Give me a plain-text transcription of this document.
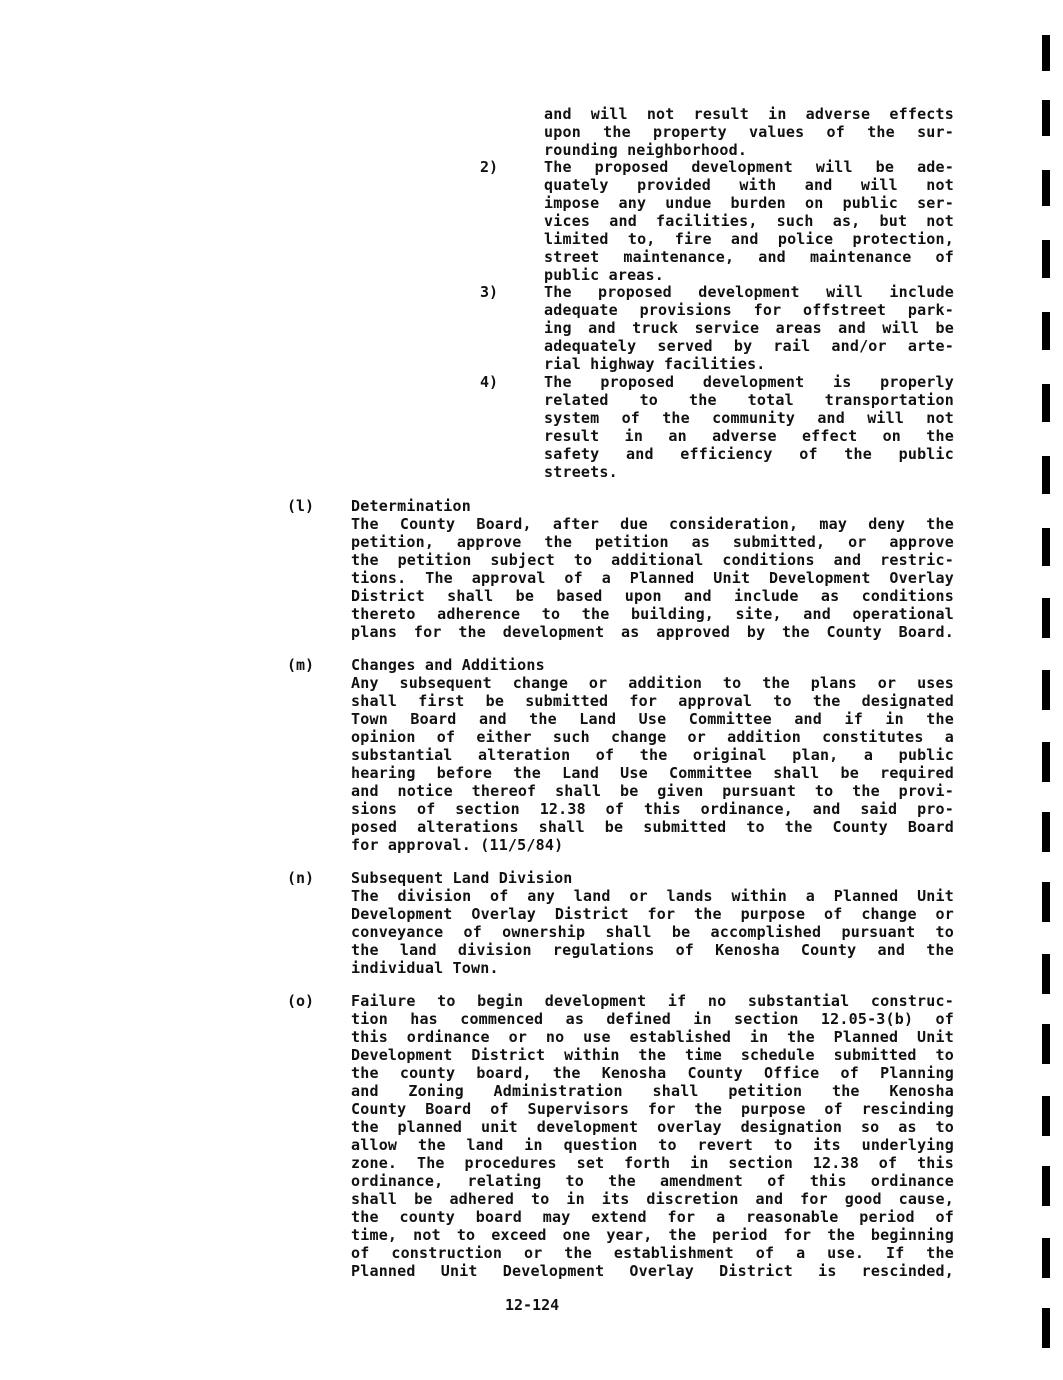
and will not result in adverse effects
upon the property values of the sur-
rounding neighborhood.
2)	The proposed development will be ade-
quately provided with and will not
impose any undue burden on public ser-
vices and facilities, such as, but not
limited to, fire and police protection,
street maintenance, and maintenance of
public areas.
3)	The proposed development will include
adequate provisions for offstreet park-
ing and truck service areas and will be
adequately served by rail and/or arte-
rial highway facilities.
4)	The proposed development is properly
related to the total transportation
system of the community and will not
result in an adverse effect on the
safety and efficiency of the public
streets.
(l) Determination
The County Board, after due consideration, may deny the
petition, approve the petition as submitted, or approve
the petition subject to additional conditions and restric-
tions. The approval of a Planned Unit Development Overlay
District shall be based upon and include as conditions
thereto adherence to the building, site, and operational
plans for the development as approved by the County Board.
(m) Changes and Additions
Any subsequent change or addition to the plans or uses
shall first be submitted for approval to the designated
Town Board and the Land Use Committee and if in the
opinion of either such change or addition constitutes a
substantial alteration of the original plan, a public
hearing before the Land Use Committee shall be required
and notice thereof shall be given pursuant to the provi-
sions of section 12.38 of this ordinance, and said pro-
posed alterations shall be submitted to the County Board
for approval. (11/5/84)
(n) Subsequent Land Division
The division of any land or lands within a Planned Unit
Development Overlay District for the purpose of change or
conveyance of ownership shall be accomplished pursuant to
the land division regulations of Kenosha County and the
individual Town.
(o) Failure to begin development if no substantial construc-
tion has commenced as defined in section 12.05-3(b) of
this ordinance or no use established in the Planned Unit
Development District within the time schedule submitted to
the county board, the Kenosha County Office of Planning
and Zoning Administration shall petition the Kenosha
County Board of Supervisors for the purpose of rescinding
the planned unit development overlay designation so as to
allow the land in question to revert to its underlying
zone. The procedures set forth in section 12.38 of this
ordinance, relating to the amendment of this ordinance
shall be adhered to in its discretion and for good cause,
the county board may extend for a reasonable period of
time, not to exceed one year, the period for the beginning
of construction or the establishment of a use. If the
Planned Unit Development Overlay District is rescinded,
12-124
